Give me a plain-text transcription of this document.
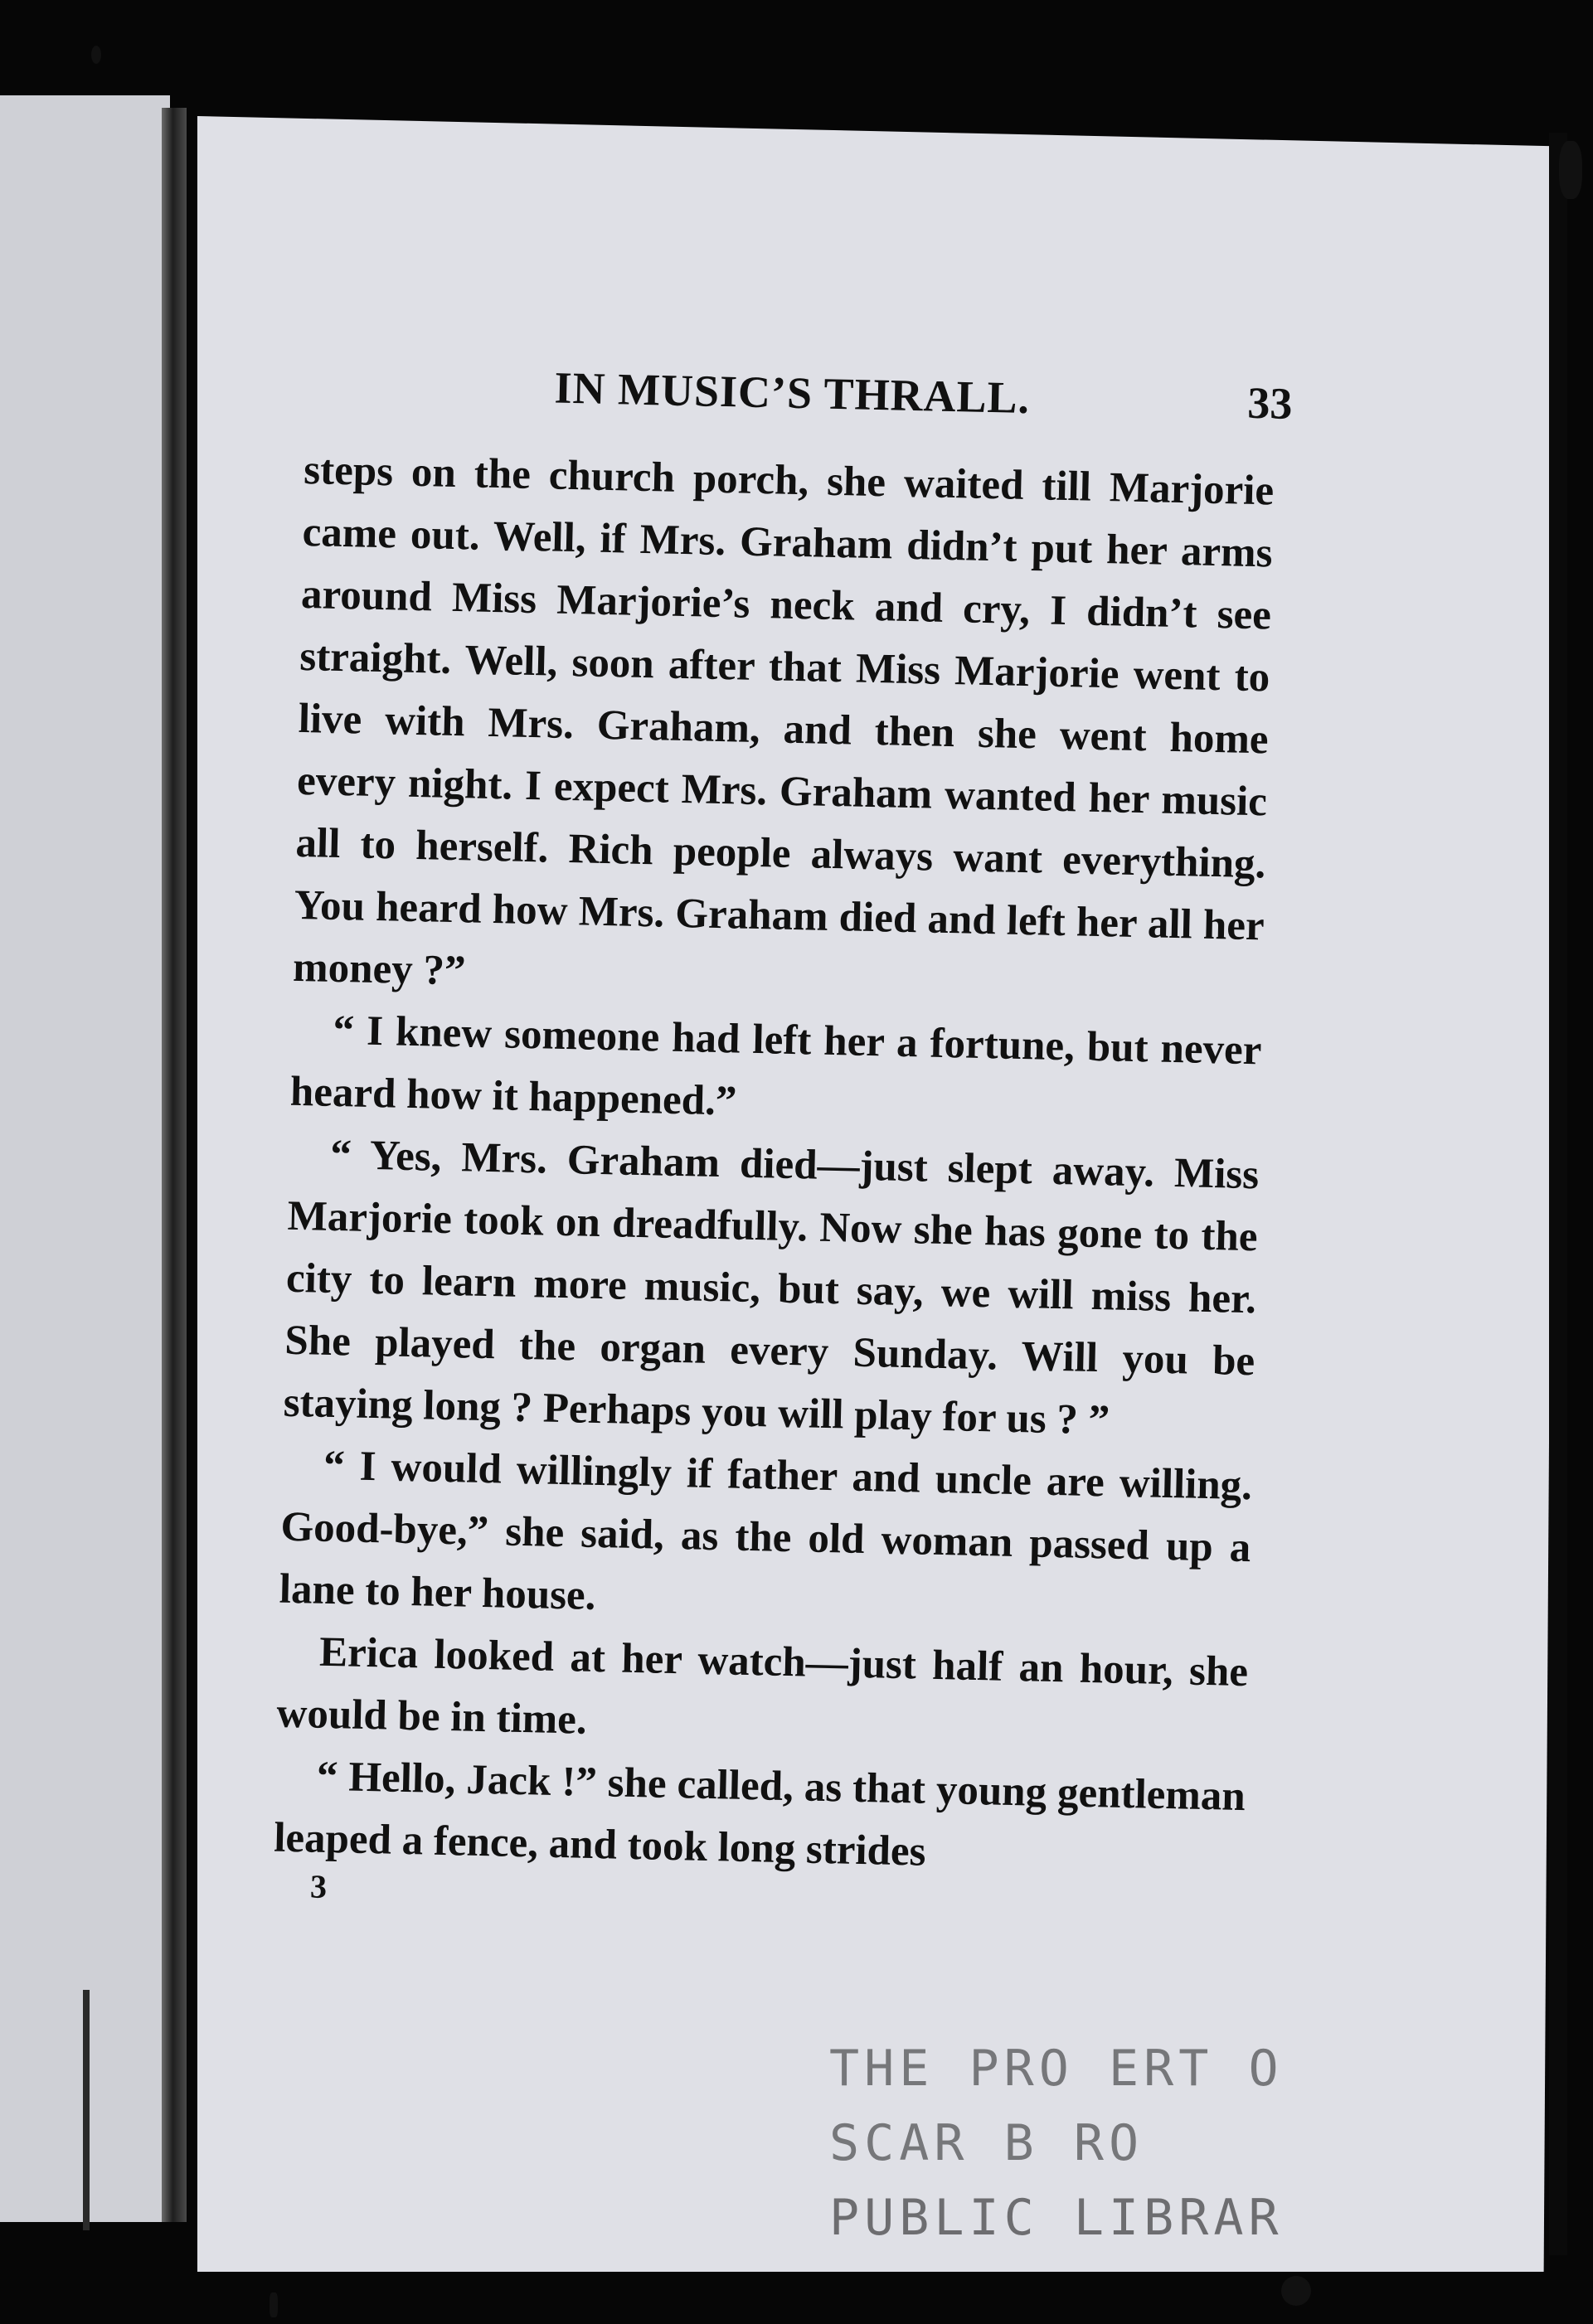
IN MUSIC’S THRALL.	33

steps on the church porch, she waited till Marjorie came out. Well, if Mrs. Graham didn’t put her arms around Miss Marjorie’s neck and cry, I didn’t see straight. Well, soon after that Miss Marjorie went to live with Mrs. Graham, and then she went home every night. I expect Mrs. Graham wanted her music all to herself. Rich people always want everything. You heard how Mrs. Graham died and left her all her money ?”

“ I knew someone had left her a fortune, but never heard how it happened.”

“ Yes, Mrs. Graham died—just slept away. Miss Marjorie took on dreadfully. Now she has gone to the city to learn more music, but say, we will miss her. She played the organ every Sunday. Will you be staying long ? Perhaps you will play for us ? ”

“ I would willingly if father and uncle are willing. Good-bye,” she said, as the old woman passed up a lane to her house.

Erica looked at her watch—just half an hour, she would be in time.

“ Hello, Jack !” she called, as that young gentleman leaped a fence, and took long strides

3
THE PRO ERT O
SCAR B RO
PUBLIC LIBRAR
